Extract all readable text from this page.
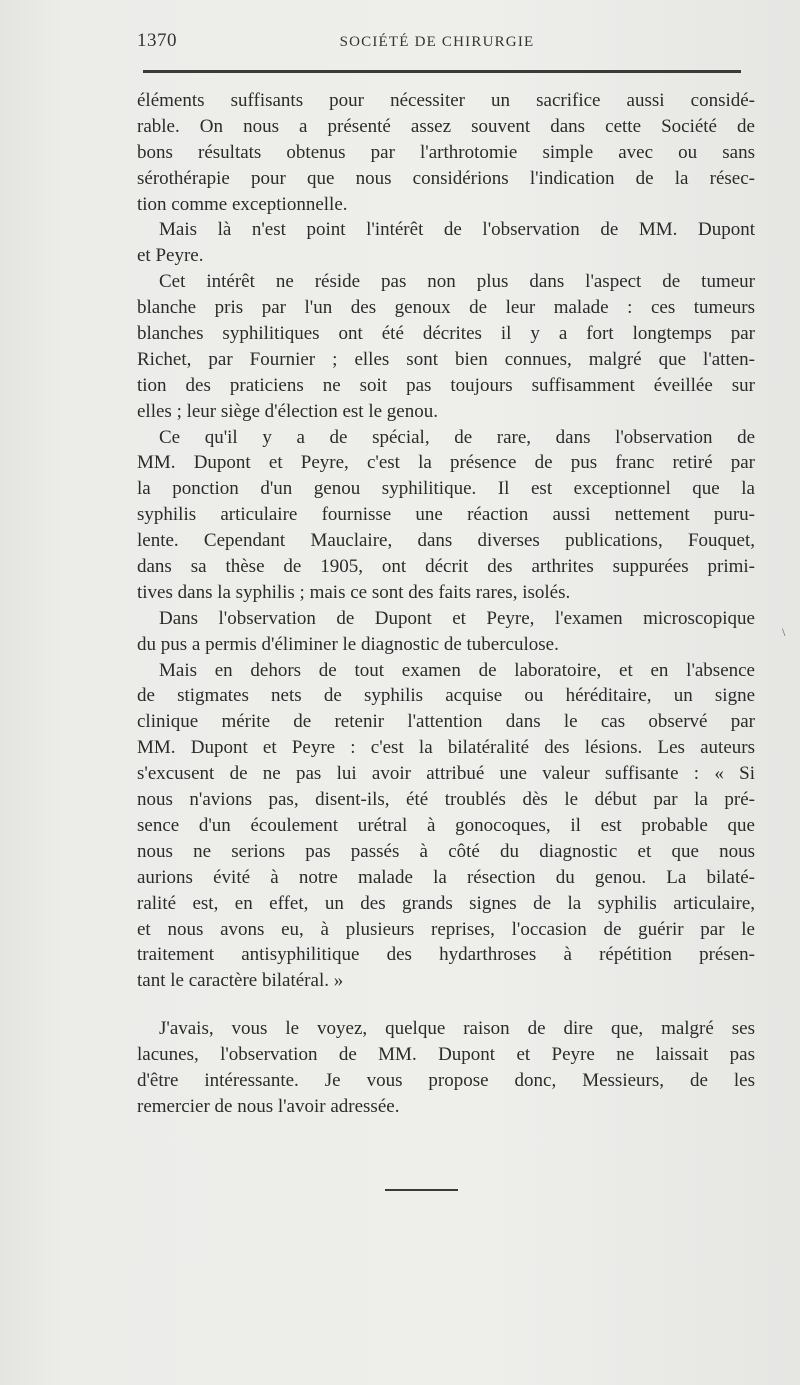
1370	SOCIÉTÉ DE CHIRURGIE
éléments suffisants pour nécessiter un sacrifice aussi considé-
rable. On nous a présenté assez souvent dans cette Société de
bons résultats obtenus par l'arthrotomie simple avec ou sans
sérothérapie pour que nous considérions l'indication de la résec-
tion comme exceptionnelle.
Mais là n'est point l'intérêt de l'observation de MM. Dupont
et Peyre.
Cet intérêt ne réside pas non plus dans l'aspect de tumeur
blanche pris par l'un des genoux de leur malade : ces tumeurs
blanches syphilitiques ont été décrites il y a fort longtemps par
Richet, par Fournier ; elles sont bien connues, malgré que l'atten-
tion des praticiens ne soit pas toujours suffisamment éveillée sur
elles ; leur siège d'élection est le genou.
Ce qu'il y a de spécial, de rare, dans l'observation de
MM. Dupont et Peyre, c'est la présence de pus franc retiré par
la ponction d'un genou syphilitique. Il est exceptionnel que la
syphilis articulaire fournisse une réaction aussi nettement puru-
lente. Cependant Mauclaire, dans diverses publications, Fouquet,
dans sa thèse de 1905, ont décrit des arthrites suppurées primi-
tives dans la syphilis ; mais ce sont des faits rares, isolés.
Dans l'observation de Dupont et Peyre, l'examen microscopique
du pus a permis d'éliminer le diagnostic de tuberculose.
Mais en dehors de tout examen de laboratoire, et en l'absence
de stigmates nets de syphilis acquise ou héréditaire, un signe
clinique mérite de retenir l'attention dans le cas observé par
MM. Dupont et Peyre : c'est la bilatéralité des lésions. Les auteurs
s'excusent de ne pas lui avoir attribué une valeur suffisante : « Si
nous n'avions pas, disent-ils, été troublés dès le début par la pré-
sence d'un écoulement urétral à gonocoques, il est probable que
nous ne serions pas passés à côté du diagnostic et que nous
aurions évité à notre malade la résection du genou. La bilaté-
ralité est, en effet, un des grands signes de la syphilis articulaire,
et nous avons eu, à plusieurs reprises, l'occasion de guérir par le
traitement antisyphilitique des hydarthroses à répétition présen-
tant le caractère bilatéral. »
J'avais, vous le voyez, quelque raison de dire que, malgré ses
lacunes, l'observation de MM. Dupont et Peyre ne laissait pas
d'être intéressante. Je vous propose donc, Messieurs, de les
remercier de nous l'avoir adressée.
\
